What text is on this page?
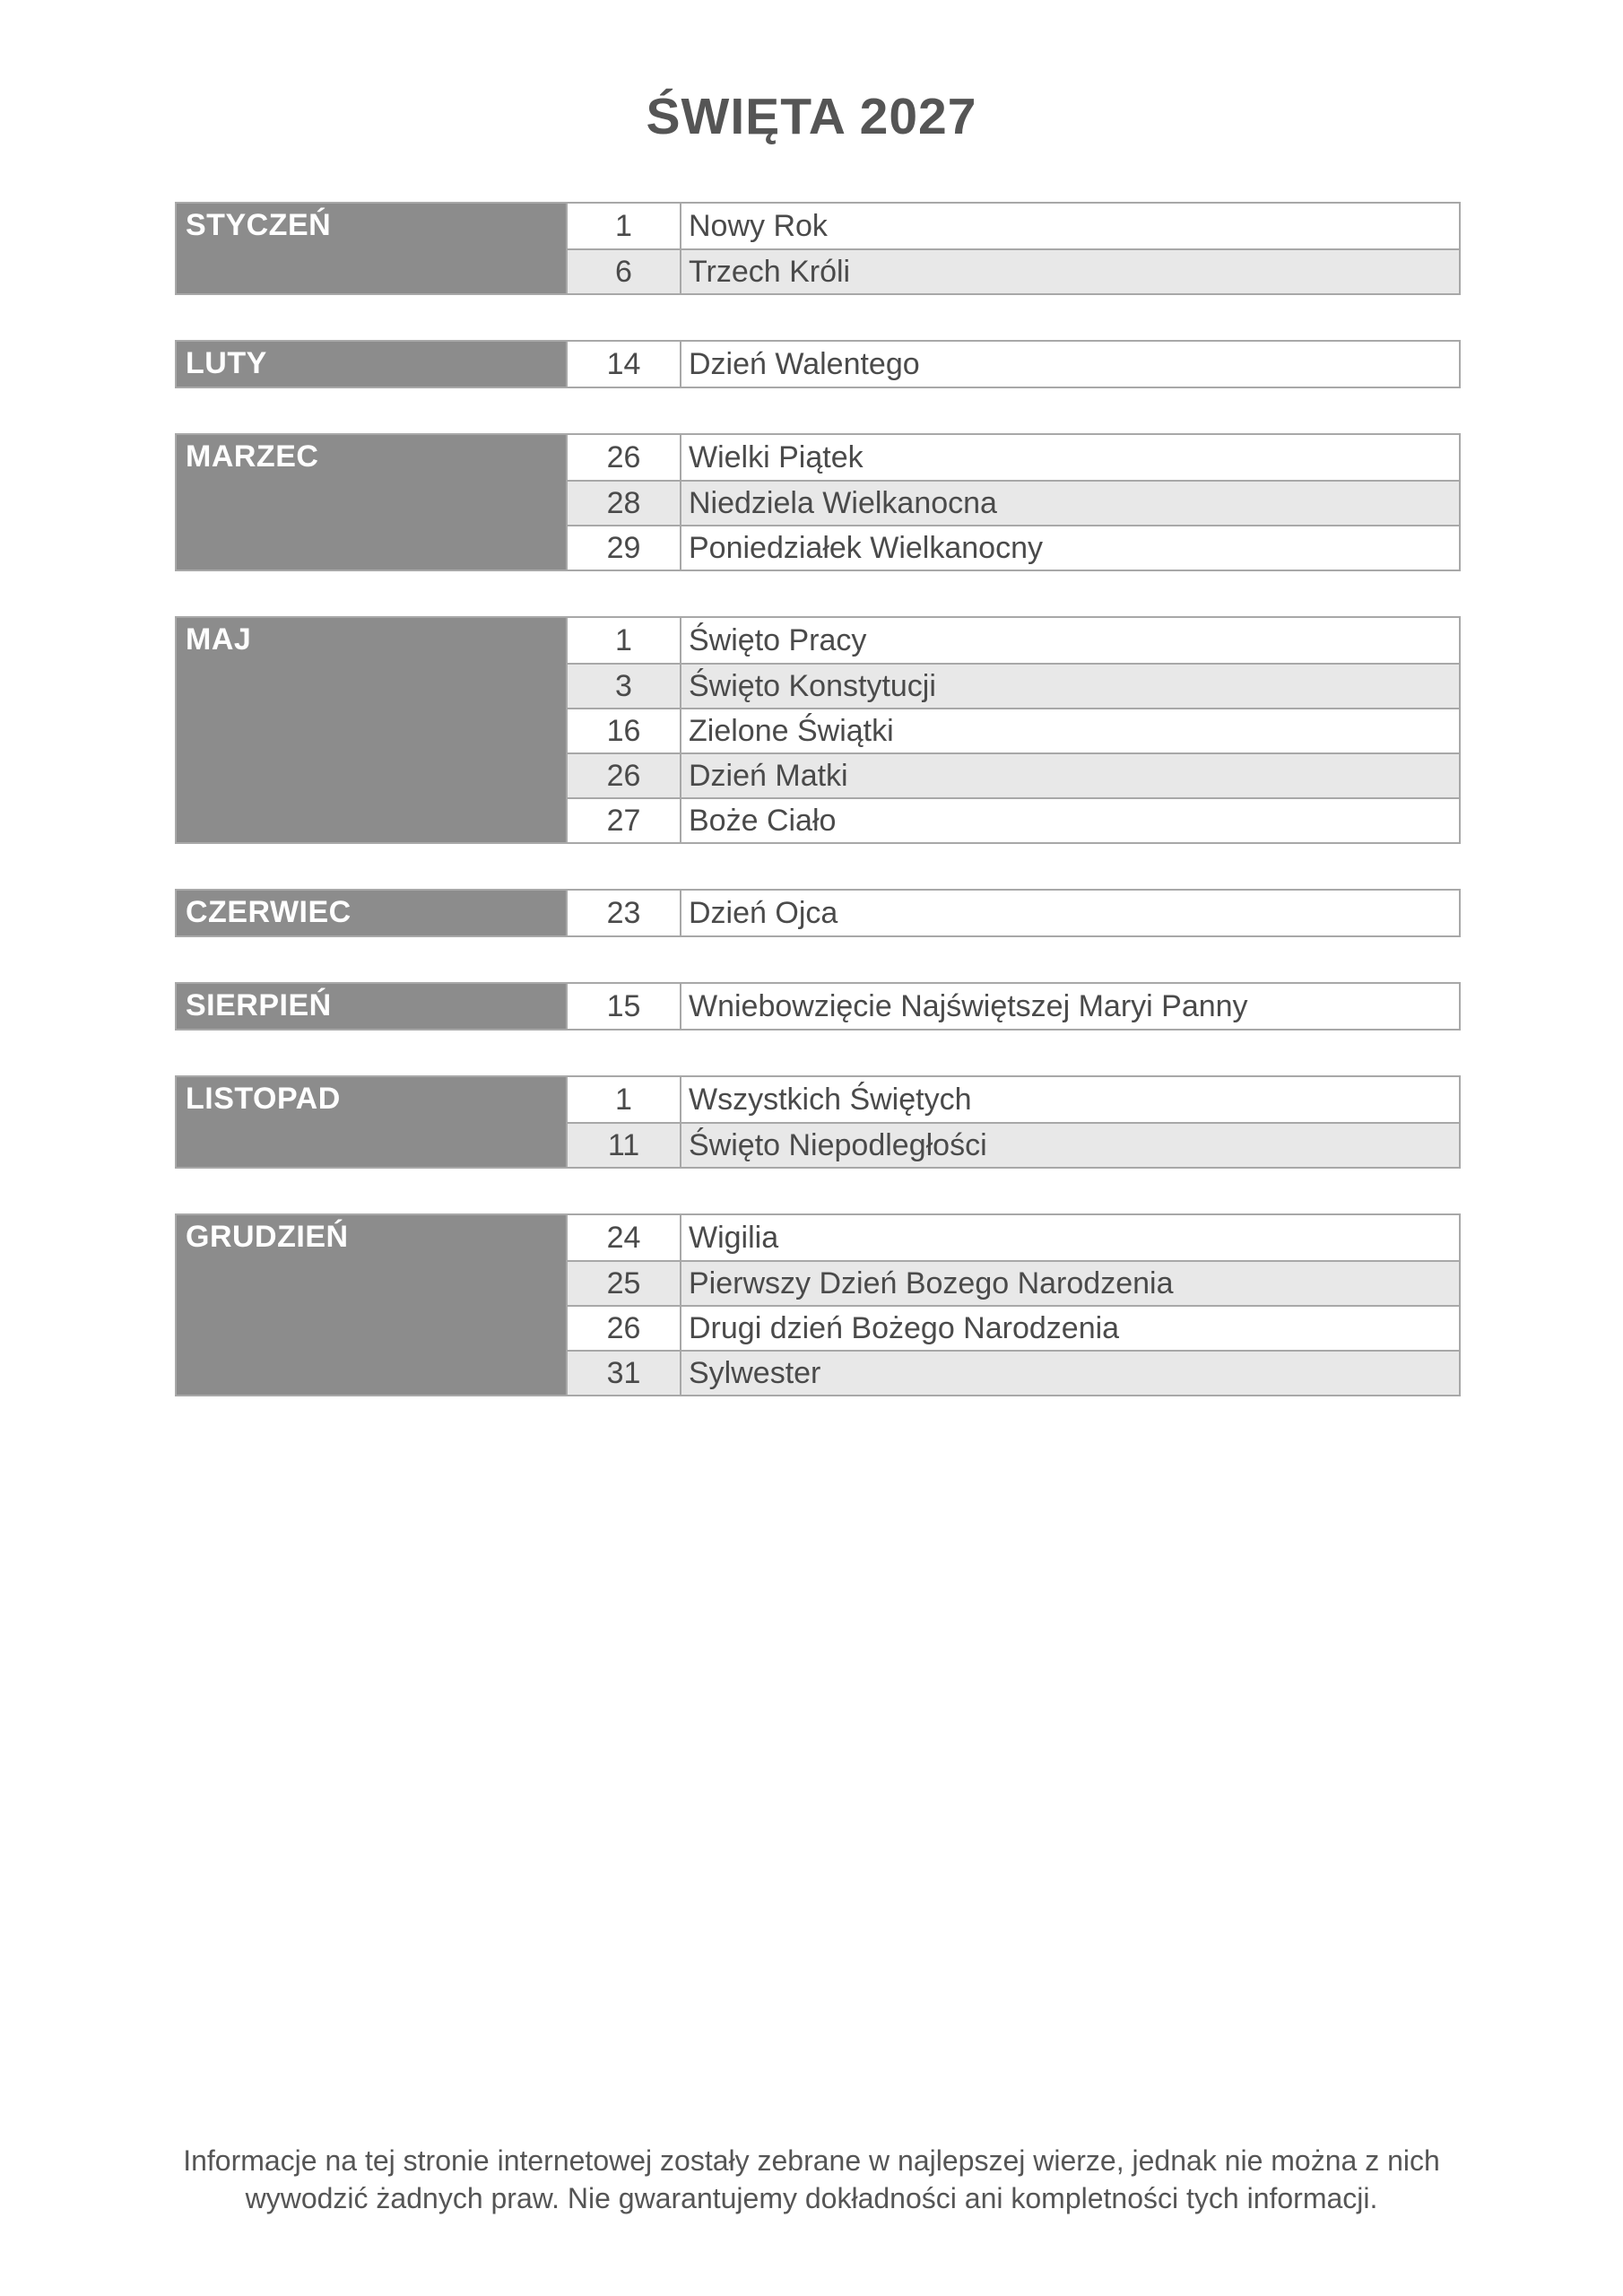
ŚWIĘTA 2027
STYCZEŃ	1	Nowy Rok
6	Trzech Króli
LUTY	14	Dzień Walentego
MARZEC	26	Wielki Piątek
28	Niedziela Wielkanocna
29	Poniedziałek Wielkanocny
MAJ	1	Święto Pracy
3	Święto Konstytucji
16	Zielone Świątki
26	Dzień Matki
27	Boże Ciało
CZERWIEC	23	Dzień Ojca
SIERPIEŃ	15	Wniebowzięcie Najświętszej Maryi Panny
LISTOPAD	1	Wszystkich Świętych
11	Święto Niepodległości
GRUDZIEŃ	24	Wigilia
25	Pierwszy Dzień Bozego Narodzenia
26	Drugi dzień Bożego Narodzenia
31	Sylwester
Informacje na tej stronie internetowej zostały zebrane w najlepszej wierze, jednak nie można z nich
wywodzić żadnych praw. Nie gwarantujemy dokładności ani kompletności tych informacji.
